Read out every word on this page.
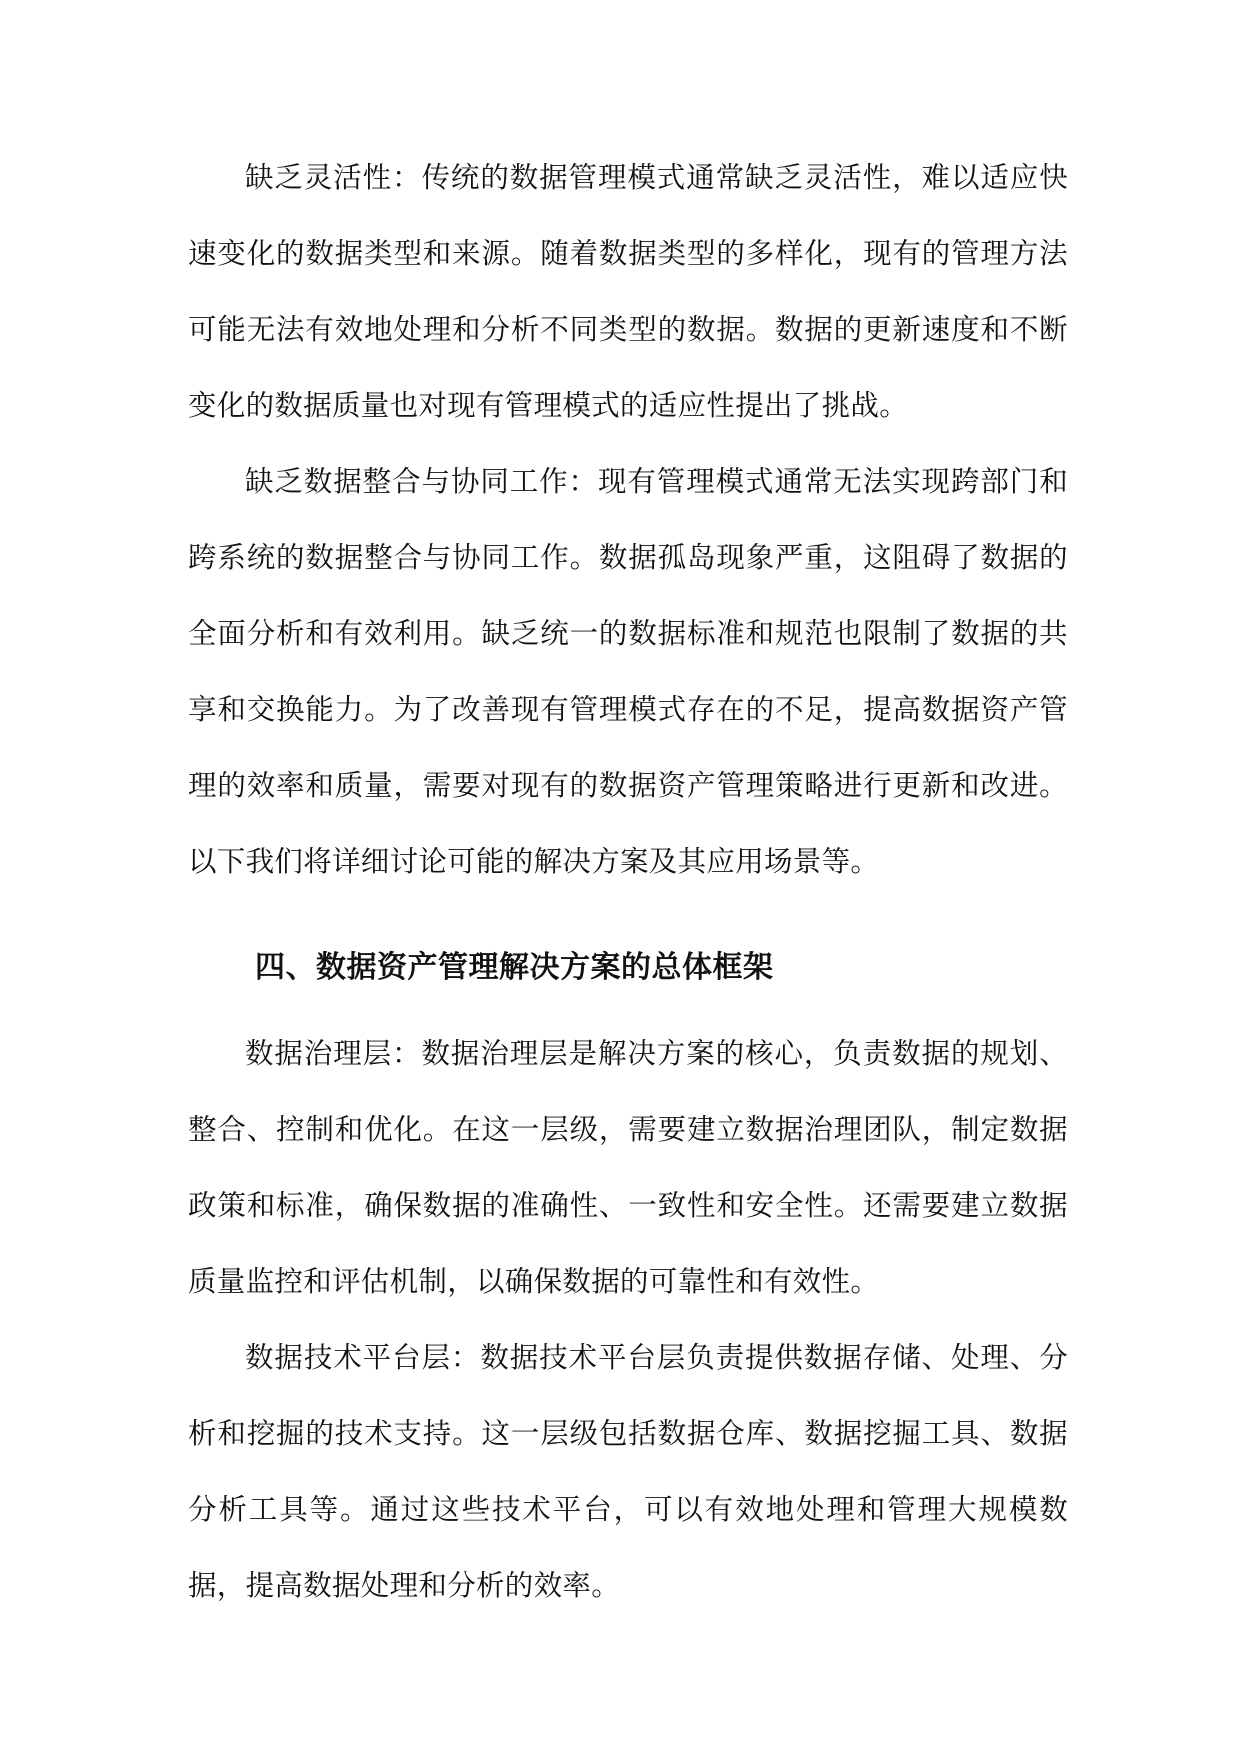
缺乏灵活性：传统的数据管理模式通常缺乏灵活性，难以适应快速变化的数据类型和来源。随着数据类型的多样化，现有的管理方法可能无法有效地处理和分析不同类型的数据。数据的更新速度和不断变化的数据质量也对现有管理模式的适应性提出了挑战。

缺乏数据整合与协同工作：现有管理模式通常无法实现跨部门和跨系统的数据整合与协同工作。数据孤岛现象严重，这阻碍了数据的全面分析和有效利用。缺乏统一的数据标准和规范也限制了数据的共享和交换能力。为了改善现有管理模式存在的不足，提高数据资产管理的效率和质量，需要对现有的数据资产管理策略进行更新和改进。以下我们将详细讨论可能的解决方案及其应用场景等。

四、数据资产管理解决方案的总体框架

数据治理层：数据治理层是解决方案的核心，负责数据的规划、整合、控制和优化。在这一层级，需要建立数据治理团队，制定数据政策和标准，确保数据的准确性、一致性和安全性。还需要建立数据质量监控和评估机制，以确保数据的可靠性和有效性。

数据技术平台层：数据技术平台层负责提供数据存储、处理、分析和挖掘的技术支持。这一层级包括数据仓库、数据挖掘工具、数据分析工具等。通过这些技术平台，可以有效地处理和管理大规模数据，提高数据处理和分析的效率。
